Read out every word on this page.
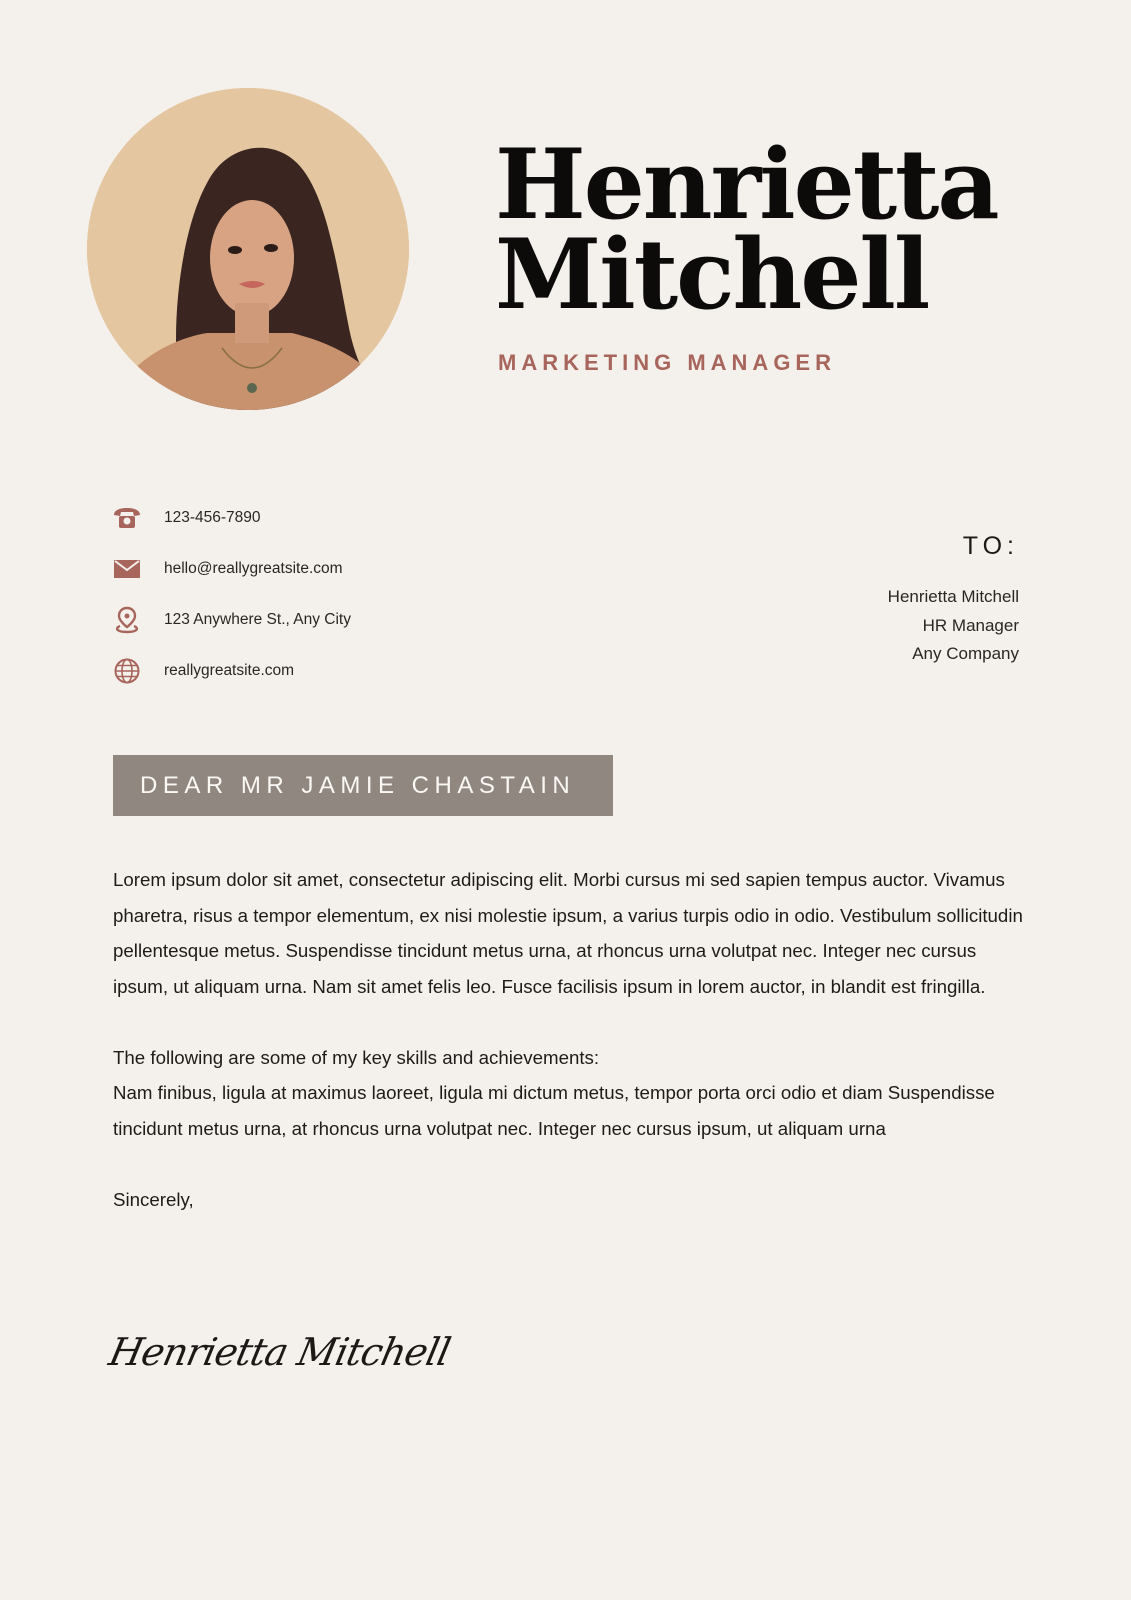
Henrietta
Mitchell
MARKETING MANAGER
123-456-7890
hello@reallygreatsite.com
123 Anywhere St., Any City
reallygreatsite.com
TO:
Henrietta Mitchell
HR Manager
Any Company
DEAR MR JAMIE CHASTAIN

Lorem ipsum dolor sit amet, consectetur adipiscing elit. Morbi cursus mi sed sapien tempus auctor. Vivamus pharetra, risus a tempor elementum, ex nisi molestie ipsum, a varius turpis odio in odio. Vestibulum sollicitudin pellentesque metus. Suspendisse tincidunt metus urna, at rhoncus urna volutpat nec. Integer nec cursus ipsum, ut aliquam urna. Nam sit amet felis leo. Fusce facilisis ipsum in lorem auctor, in blandit est fringilla.

The following are some of my key skills and achievements:

Nam finibus, ligula at maximus laoreet, ligula mi dictum metus, tempor porta orci odio et diam Suspendisse tincidunt metus urna, at rhoncus urna volutpat nec. Integer nec cursus ipsum, ut aliquam urna

Sincerely,

Henrietta Mitchell
